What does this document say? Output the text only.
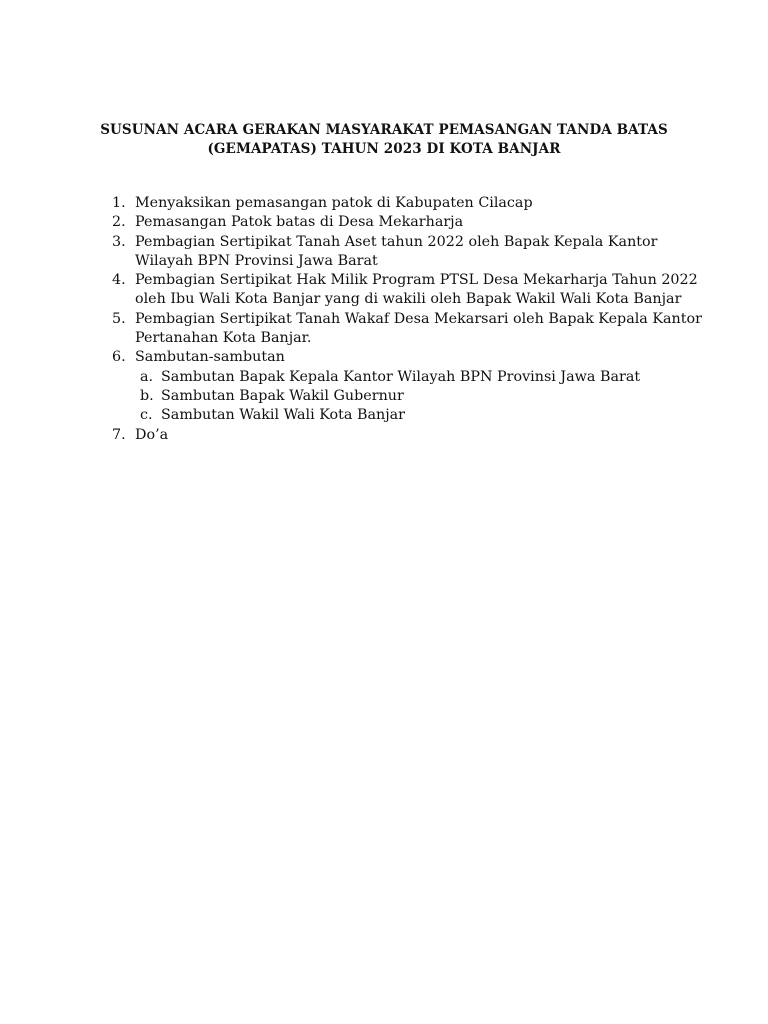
SUSUNAN ACARA GERAKAN MASYARAKAT PEMASANGAN TANDA BATAS
(GEMAPATAS) TAHUN 2023 DI KOTA BANJAR
1. Menyaksikan pemasangan patok di Kabupaten Cilacap
2. Pemasangan Patok batas di Desa Mekarharja
3. Pembagian Sertipikat Tanah Aset tahun 2022 oleh Bapak Kepala Kantor
Wilayah BPN Provinsi Jawa Barat
4. Pembagian Sertipikat Hak Milik Program PTSL Desa Mekarharja Tahun 2022
oleh Ibu Wali Kota Banjar yang di wakili oleh Bapak Wakil Wali Kota Banjar
5. Pembagian Sertipikat Tanah Wakaf Desa Mekarsari oleh Bapak Kepala Kantor
Pertanahan Kota Banjar.
6. Sambutan-sambutan
a. Sambutan Bapak Kepala Kantor Wilayah BPN Provinsi Jawa Barat
b. Sambutan Bapak Wakil Gubernur
c. Sambutan Wakil Wali Kota Banjar
7. Do’a
